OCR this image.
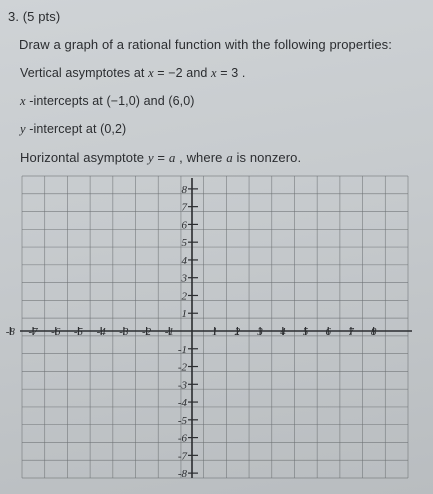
3. (5 pts)
Draw a graph of a rational function with the following properties:
Vertical asymptotes at x = −2 and x = 3 .
x -intercepts at (−1,0) and (6,0)
y -intercept at (0,2)
Horizontal asymptote y = a , where a is nonzero.
-8 -7 -6 -5 -4 -3 -2 -1	1 2 3 4 5 6 7 8
8
7
6
5
4
3
2
1
-1
-2
-3
-4
-5
-6
-7
-8
